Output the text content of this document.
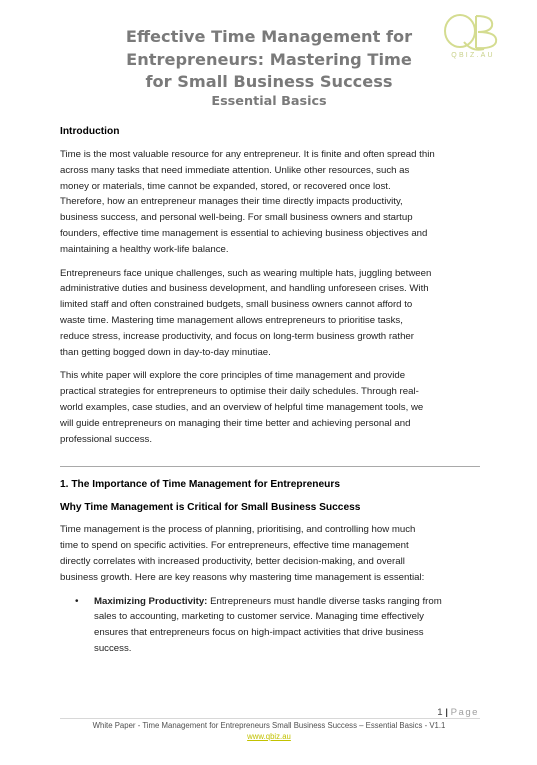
Effective Time Management for
Entrepreneurs: Mastering Time
for Small Business Success
Essential Basics
QBIZ.AU
Introduction

Time is the most valuable resource for any entrepreneur. It is finite and often spread thin
across many tasks that need immediate attention. Unlike other resources, such as
money or materials, time cannot be expanded, stored, or recovered once lost.
Therefore, how an entrepreneur manages their time directly impacts productivity,
business success, and personal well-being. For small business owners and startup
founders, effective time management is essential to achieving business objectives and
maintaining a healthy work-life balance.

Entrepreneurs face unique challenges, such as wearing multiple hats, juggling between
administrative duties and business development, and handling unforeseen crises. With
limited staff and often constrained budgets, small business owners cannot afford to
waste time. Mastering time management allows entrepreneurs to prioritise tasks,
reduce stress, increase productivity, and focus on long-term business growth rather
than getting bogged down in day-to-day minutiae.

This white paper will explore the core principles of time management and provide
practical strategies for entrepreneurs to optimise their daily schedules. Through real-
world examples, case studies, and an overview of helpful time management tools, we
will guide entrepreneurs on managing their time better and achieving personal and
professional success.

1. The Importance of Time Management for Entrepreneurs
Why Time Management is Critical for Small Business Success

Time management is the process of planning, prioritising, and controlling how much
time to spend on specific activities. For entrepreneurs, effective time management
directly correlates with increased productivity, better decision-making, and overall
business growth. Here are key reasons why mastering time management is essential:

• Maximizing Productivity: Entrepreneurs must handle diverse tasks ranging from
sales to accounting, marketing to customer service. Managing time effectively
ensures that entrepreneurs focus on high-impact activities that drive business
success.
1 | Page
White Paper - Time Management for Entrepreneurs Small Business Success – Essential Basics - V1.1
www.qbiz.au
